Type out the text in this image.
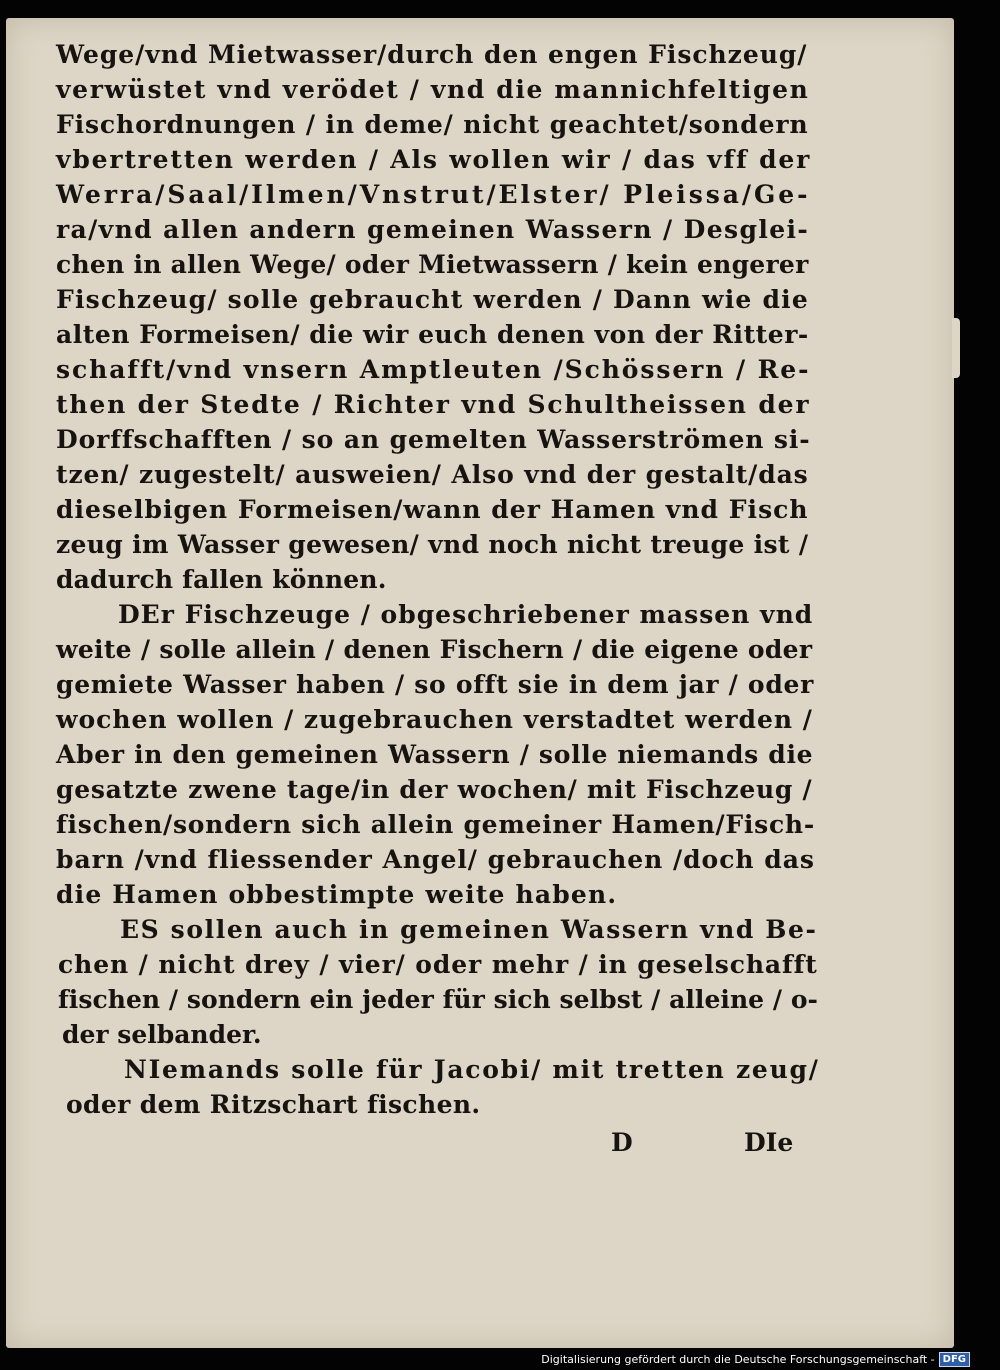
Wege/vnd Mietwasser/durch den engen Fischzeug/

verwüstet vnd verödet / vnd die mannichfeltigen

Fischordnungen / in deme/ nicht geachtet/sondern

vbertretten werden / Als wollen wir / das vff der

Werra/Saal/Ilmen/Vnstrut/Elster/ Pleissa/Ge-

ra/vnd allen andern gemeinen Wassern / Desglei-

chen in allen Wege/ oder Mietwassern / kein engerer

Fischzeug/ solle gebraucht werden / Dann wie die

alten Formeisen/ die wir euch denen von der Ritter-

schafft/vnd vnsern Amptleuten /Schössern / Re-

then der Stedte / Richter vnd Schultheissen der

Dorffschafften / so an gemelten Wasserströmen si-

tzen/ zugestelt/ ausweien/ Also vnd der gestalt/das

dieselbigen Formeisen/wann der Hamen vnd Fisch

zeug im Wasser gewesen/ vnd noch nicht treuge ist /

dadurch fallen können.

DEr Fischzeuge / obgeschriebener massen vnd

weite / solle allein / denen Fischern / die eigene oder

gemiete Wasser haben / so offt sie in dem jar / oder

wochen wollen / zugebrauchen verstadtet werden /

Aber in den gemeinen Wassern / solle niemands die

gesatzte zwene tage/in der wochen/ mit Fischzeug /

fischen/sondern sich allein gemeiner Hamen/Fisch-

barn /vnd fliessender Angel/ gebrauchen /doch das

die Hamen obbestimpte weite haben.

ES sollen auch in gemeinen Wassern vnd Be-

chen / nicht drey / vier/ oder mehr / in geselschafft

fischen / sondern ein jeder für sich selbst / alleine / o-

der selbander.

NIemands solle für Jacobi/ mit tretten zeug/

oder dem Ritzschart fischen.

D	DIe
Digitalisierung gefördert durch die Deutsche Forschungsgemeinschaft - DFG
